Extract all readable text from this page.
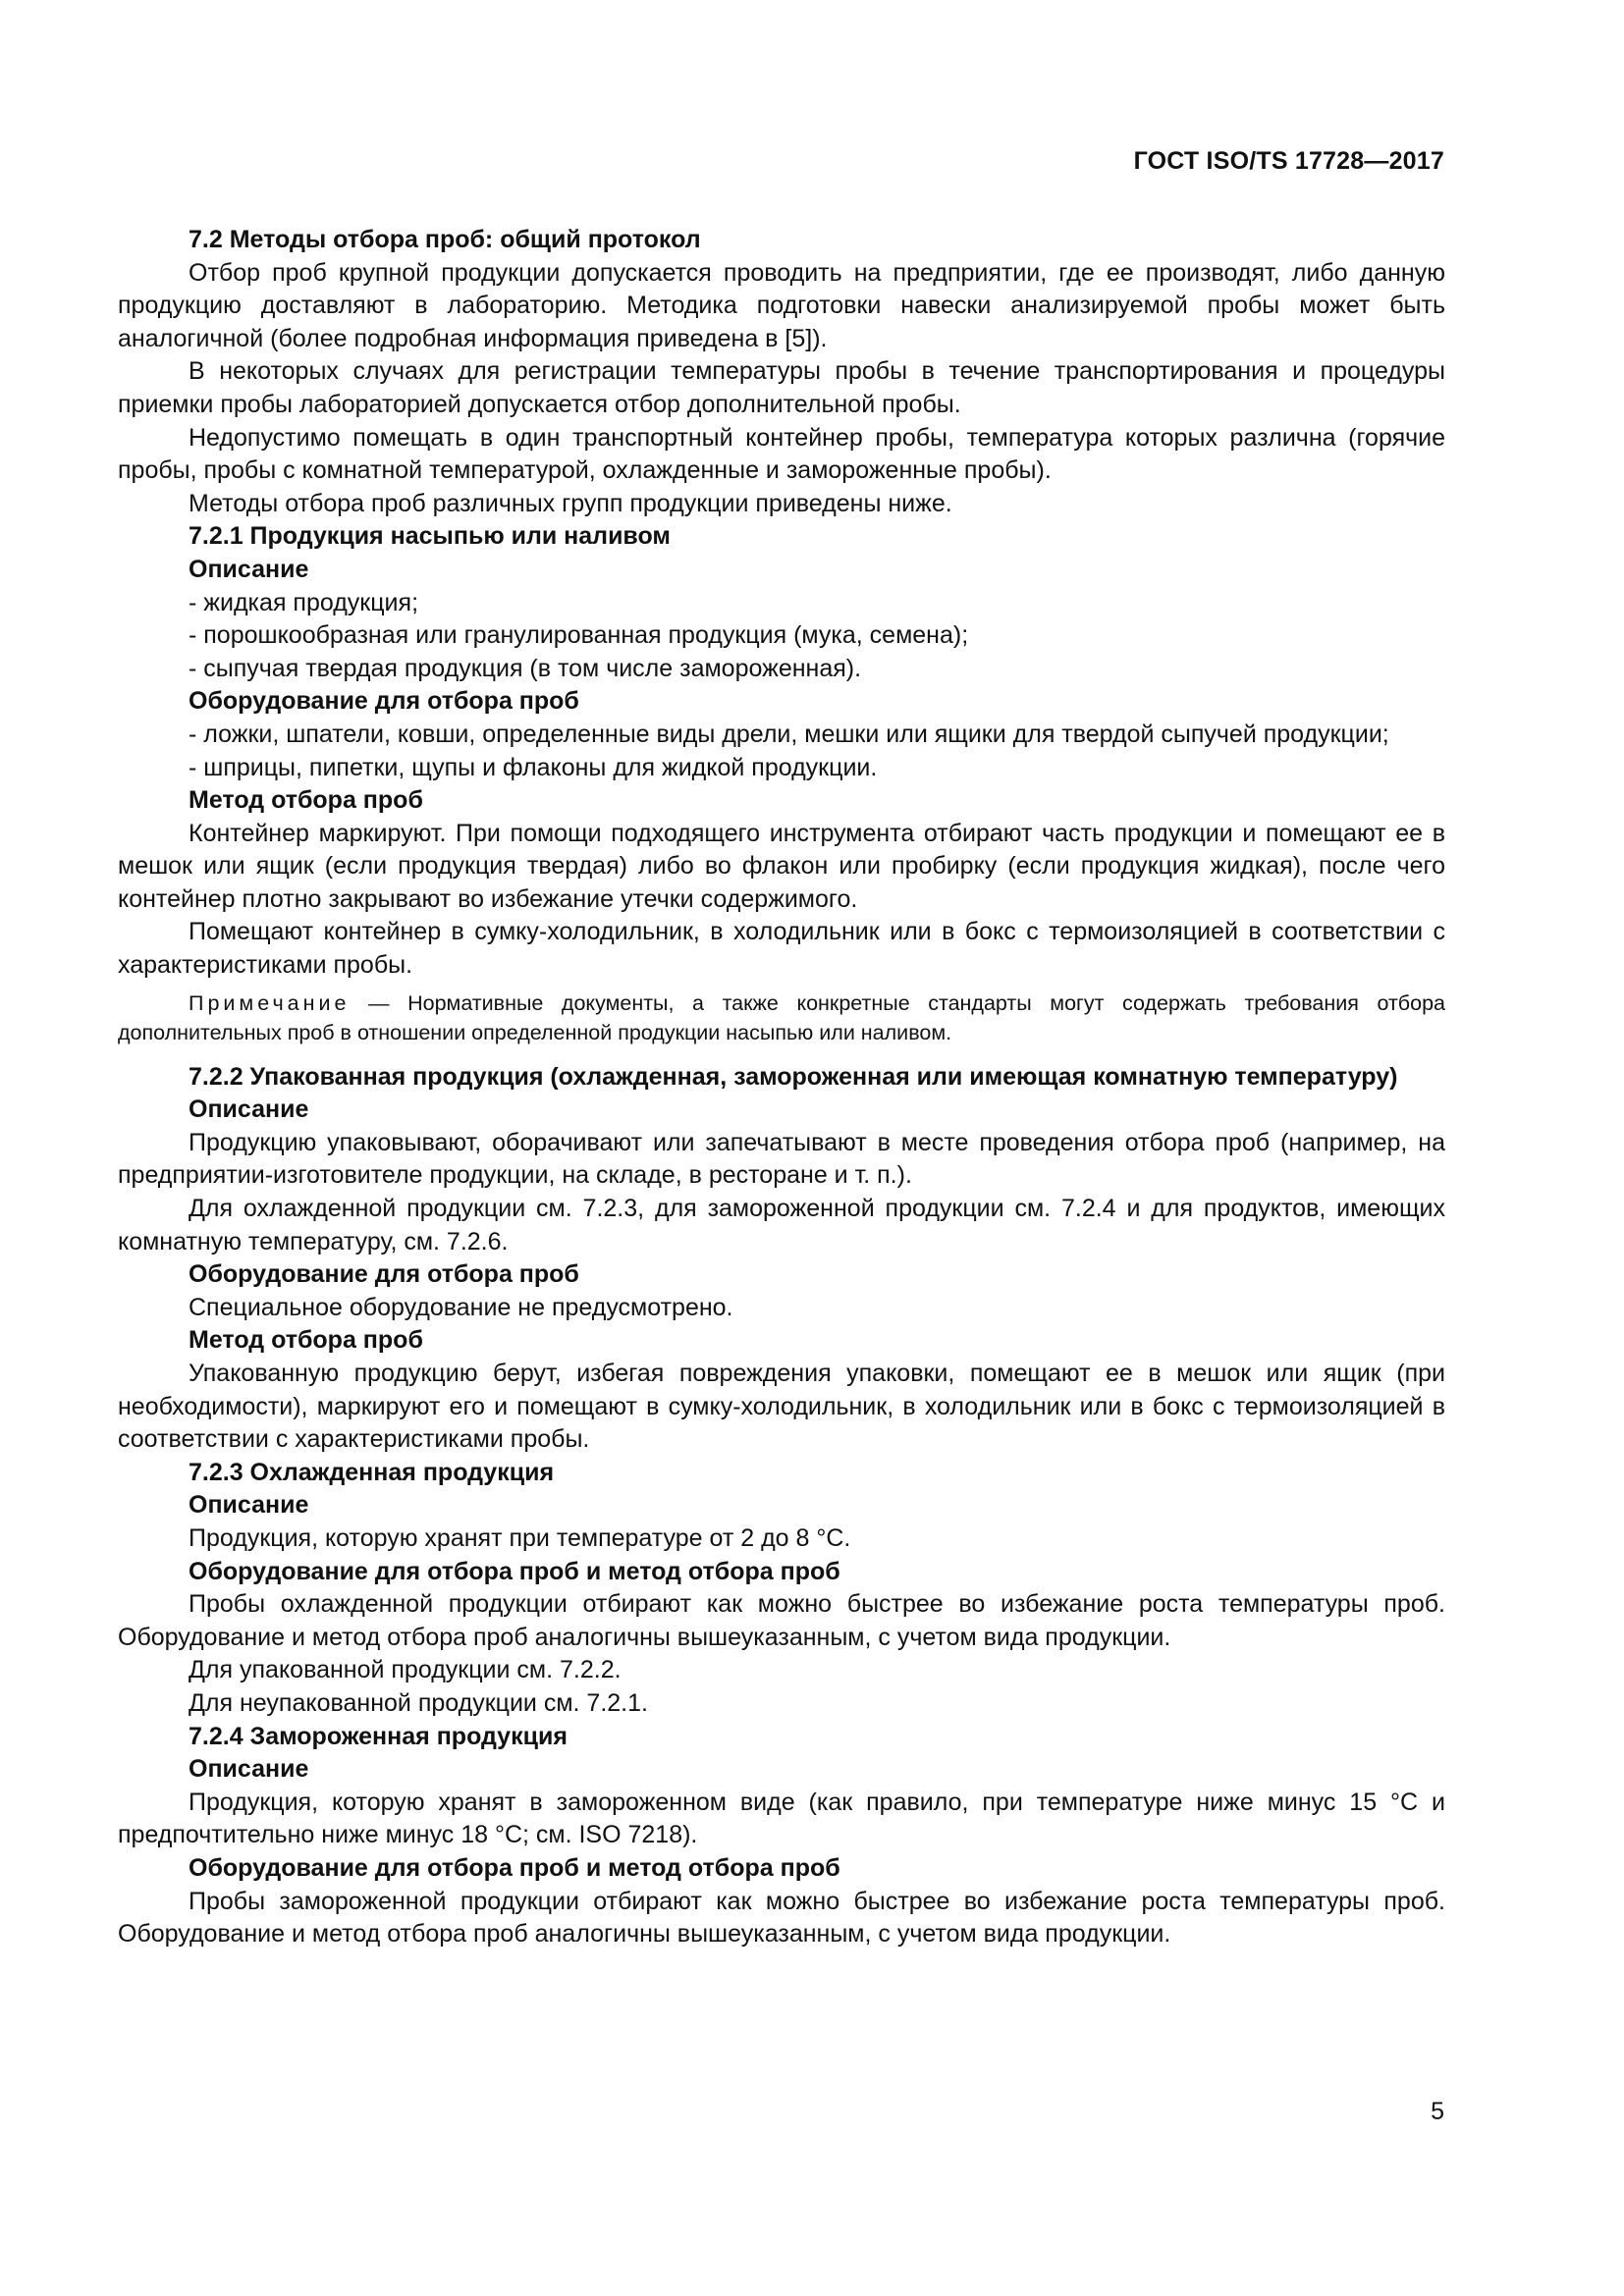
ГОСТ ISO/TS 17728—2017

7.2 Методы отбора проб: общий протокол

Отбор проб крупной продукции допускается проводить на предприятии, где ее производят, либо данную продукцию доставляют в лабораторию. Методика подготовки навески анализируемой пробы может быть аналогичной (более подробная информация приведена в [5]).

В некоторых случаях для регистрации температуры пробы в течение транспортирования и процедуры приемки пробы лабораторией допускается отбор дополнительной пробы.

Недопустимо помещать в один транспортный контейнер пробы, температура которых различна (горячие пробы, пробы с комнатной температурой, охлажденные и замороженные пробы).

Методы отбора проб различных групп продукции приведены ниже.

7.2.1 Продукция насыпью или наливом

Описание

- жидкая продукция;

- порошкообразная или гранулированная продукция (мука, семена);

- сыпучая твердая продукция (в том числе замороженная).

Оборудование для отбора проб

- ложки, шпатели, ковши, определенные виды дрели, мешки или ящики для твердой сыпучей продукции;

- шприцы, пипетки, щупы и флаконы для жидкой продукции.

Метод отбора проб

Контейнер маркируют. При помощи подходящего инструмента отбирают часть продукции и помещают ее в мешок или ящик (если продукция твердая) либо во флакон или пробирку (если продукция жидкая), после чего контейнер плотно закрывают во избежание утечки содержимого.

Помещают контейнер в сумку-холодильник, в холодильник или в бокс с термоизоляцией в соответствии с характеристиками пробы.

Примечание — Нормативные документы, а также конкретные стандарты могут содержать требования отбора дополнительных проб в отношении определенной продукции насыпью или наливом.

7.2.2 Упакованная продукция (охлажденная, замороженная или имеющая комнатную температуру)

Описание

Продукцию упаковывают, оборачивают или запечатывают в месте проведения отбора проб (например, на предприятии-изготовителе продукции, на складе, в ресторане и т. п.).

Для охлажденной продукции см. 7.2.3, для замороженной продукции см. 7.2.4 и для продуктов, имеющих комнатную температуру, см. 7.2.6.

Оборудование для отбора проб

Специальное оборудование не предусмотрено.

Метод отбора проб

Упакованную продукцию берут, избегая повреждения упаковки, помещают ее в мешок или ящик (при необходимости), маркируют его и помещают в сумку-холодильник, в холодильник или в бокс с термоизоляцией в соответствии с характеристиками пробы.

7.2.3 Охлажденная продукция

Описание

Продукция, которую хранят при температуре от 2 до 8 °С.

Оборудование для отбора проб и метод отбора проб

Пробы охлажденной продукции отбирают как можно быстрее во избежание роста температуры проб. Оборудование и метод отбора проб аналогичны вышеуказанным, с учетом вида продукции.

Для упакованной продукции см. 7.2.2.

Для неупакованной продукции см. 7.2.1.

7.2.4 Замороженная продукция

Описание

Продукция, которую хранят в замороженном виде (как правило, при температуре ниже минус 15 °С и предпочтительно ниже минус 18 °С; см. ISO 7218).

Оборудование для отбора проб и метод отбора проб

Пробы замороженной продукции отбирают как можно быстрее во избежание роста температуры проб. Оборудование и метод отбора проб аналогичны вышеуказанным, с учетом вида продукции.

5
